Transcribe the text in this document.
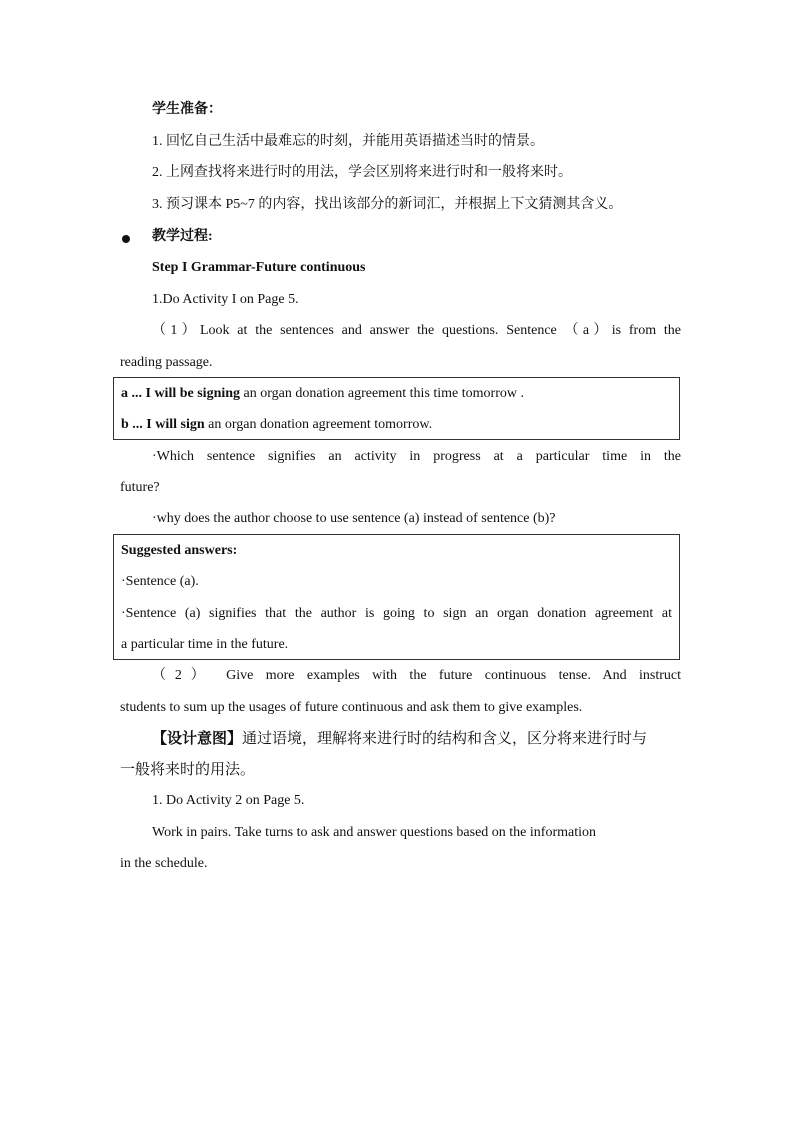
学生准备：
1. 回忆自己生活中最难忘的时刻，并能用英语描述当时的情景。
2. 上网查找将来进行时的用法，学会区别将来进行时和一般将来时。
3. 预习课本 P5~7 的内容，找出该部分的新词汇，并根据上下文猜测其含义。
教学过程:
Step I Grammar-Future continuous
1.Do Activity I on Page 5.
（1）Look at the sentences and answer the questions. Sentence （a）is from the
reading passage.
a ... I will be signing an organ donation agreement this time tomorrow .
b ... I will sign an organ donation agreement tomorrow.
·Which sentence signifies an activity in progress at a particular time in the
future?
·why does the author choose to use sentence (a) instead of sentence (b)?
Suggested answers:
·Sentence (a).
·Sentence (a) signifies that the author is going to sign an organ donation agreement at
a particular time in the future.
（2） Give more examples with the future continuous tense. And instruct
students to sum up the usages of future continuous and ask them to give examples.
【设计意图】通过语境，理解将来进行时的结构和含义，区分将来进行时与
一般将来时的用法。
1. Do Activity 2 on Page 5.
Work in pairs. Take turns to ask and answer questions based on the information
in the schedule.
